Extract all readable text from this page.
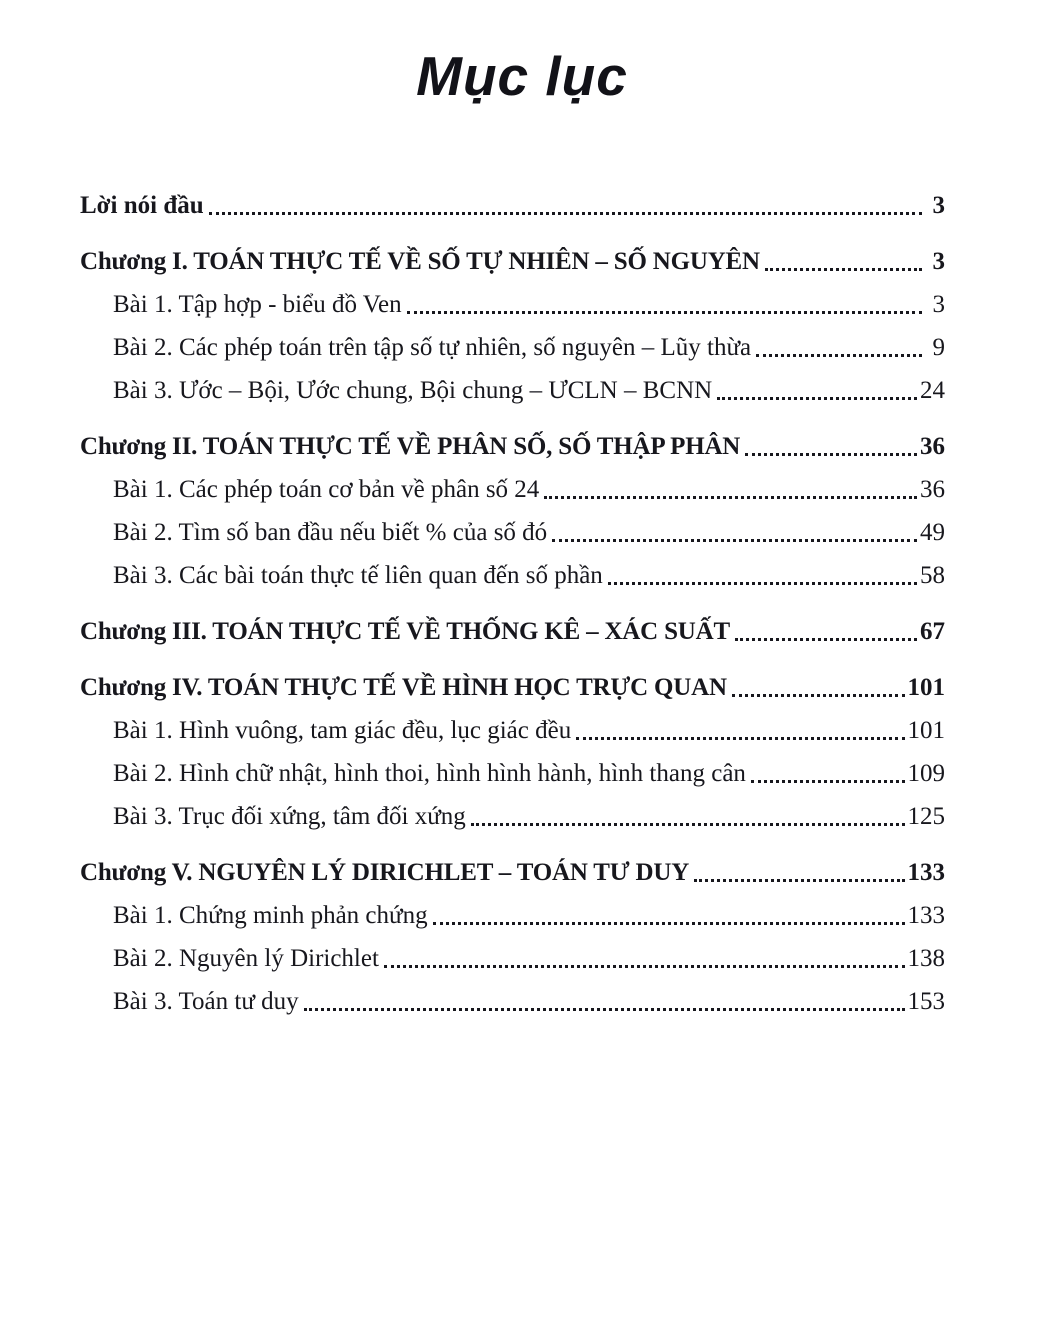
Mục lục
Lời nói đầu	3
Chương I. TOÁN THỰC TẾ VỀ SỐ TỰ NHIÊN – SỐ NGUYÊN	3
Bài 1. Tập hợp - biểu đồ Ven	3
Bài 2. Các phép toán trên tập số tự nhiên, số nguyên – Lũy thừa	9
Bài 3. Ước – Bội, Ước chung, Bội chung – ƯCLN – BCNN	24
Chương II. TOÁN THỰC TẾ VỀ PHÂN SỐ, SỐ THẬP PHÂN	36
Bài 1. Các phép toán cơ bản về phân số 24	36
Bài 2. Tìm số ban đầu nếu biết % của số đó	49
Bài 3. Các bài toán thực tế liên quan đến số phần	58
Chương III. TOÁN THỰC TẾ VỀ THỐNG KÊ – XÁC SUẤT	67
Chương IV. TOÁN THỰC TẾ VỀ HÌNH HỌC TRỰC QUAN	101
Bài 1. Hình vuông, tam giác đều, lục giác đều	101
Bài 2. Hình chữ nhật, hình thoi, hình hình hành, hình thang cân	109
Bài 3. Trục đối xứng, tâm đối xứng	125
Chương V. NGUYÊN LÝ DIRICHLET – TOÁN TƯ DUY	133
Bài 1. Chứng minh phản chứng	133
Bài 2. Nguyên lý Dirichlet	138
Bài 3. Toán tư duy	153
